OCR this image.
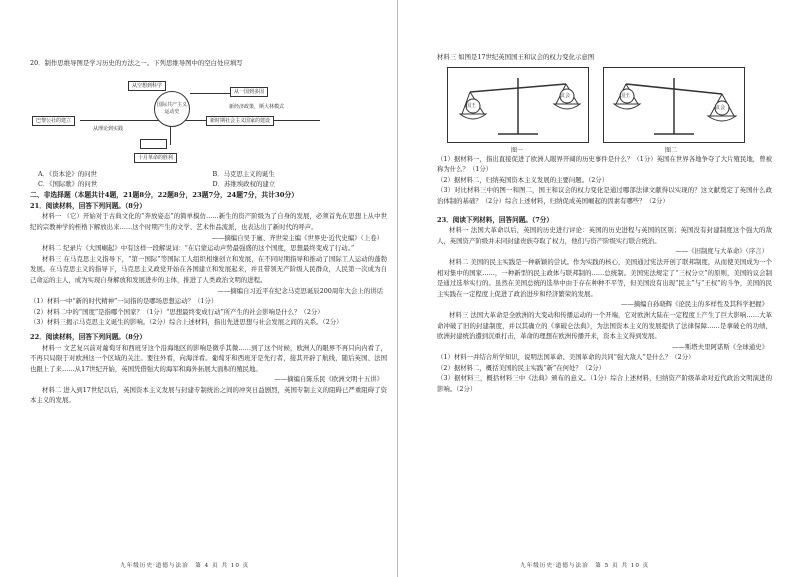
20．制作思维导图是学习历史的方法之一。下列思维导图中的空白处应填写

从空想到科学
国际共产主义运动史
从一国到多国
巴黎公社的建立
从理论到实践
新时期社会主义国家的建设
新经济政策，斯大林模式

十月革命的胜利
A．《资本论》的问世	B．马克思主义的诞生
C．《国际歌》的问世	D．苏维埃政权的建立

二、非选择题（本题共计4题，21题8分，22题8分，23题7分，24题7分，共计30分）

21．阅读材料，回答下列问题。（8分）

材料一 （它）开始对于古典文化的“奔放姿态”的简单模仿……新生的资产阶级为了自身的发展，必须首先在思想上从中世纪的宗教神学的桎梏下解放出来……这个时期产生的文学、艺术作品流派，也表达出了新时代的呼声。

——摘编自吴于廑、齐世荣主编《世界史·近代史编》（上卷）

材料二 纪录片《大国崛起》中有这样一段解说词：“在启蒙运动声势最强盛的这个国度，思想最终变成了行动。”

材料三 在马克思主义指导下，“第一国际”等国际工人组织相继创立和发展，在不同时期指导和推动了国际工人运动的蓬勃发展。在马克思主义的指导下，马克思主义政党开始在各国建立和发展起来，并且带领无产阶级人民群众，人民第一次成为自己命运的主人，成为实现自身解放和发展进步的主体，推进了人类政治文明的进程。

——摘编自习近平在纪念马克思诞辰200周年大会上的讲话

（1）材料一中“新的时代精神”一词指的是哪场思想运动？（1分）

（2）材料二中的“国度”是指哪个国家？（1分）“思想最终变成行动”所产生的社会影响是什么？（2分）

（3）材料三揭示马克思主义诞生的影响。（2分）综合上述材料，指出先进思想与社会发展之间的关系。（2分）

22．阅读材料，回答下列问题。（8分）

材料一 文艺复兴前对葡萄牙和西班牙这个沿海地区的影响是微乎其微……到了这个时候，欧洲人的眼界不再只向内看了，不再只局限于对欧洲这一个区域的关注。要往外看，向海洋看。葡萄牙和西班牙是先行者，接其开辟了航线，随后英国、法国也跟上了来……从17世纪开始，英国凭借强大的海军和海外拓展大面积的殖民地。

——摘编自陈乐民《欧洲文明十五讲》

材料二 进入到17世纪以后，英国资本主义发展与封建专制统治之间的冲突日益剧烈，英国专制主义的阻碍已严重阻碍了资本主义的发展。

材料三 如图是17世纪英国国王和议会的权力变化示意图

国王
议会	国王
议会
图一	图二

（1）据材料一，指出直接促进了欧洲人眼界开阔的历史事件是什么？（1分）英国在世界各地争夺了大片殖民地，曾被称为什么？（1分）

（2）据材料二，归纳英国资本主义发展的主要问题。（2分）

（3）对比材料三中的图一和图二，国王和议会的权力变化是通过哪部法律文献得以实现的？这文献奠定了英国什么政治体制的基础？（2分）综合上述材料，归纳促成英国崛起的因素有哪些？（2分）

23．阅读下列材料，回答问题。（7分）

材料一 法国大革命以后，英国的历史进行评论：英国的历史进程与英国的区别；英国没有封建制度这个强大的敌人，英国资产阶级并未同封建贵族夺取了权力，他们与资产阶级实行联合统治。

——《旧制度与大革命》（序言）

材料二 美国的民主实践是一种新颖的尝试。作为实践的核心，美国通过宪法开创了联邦制度，从而使美国成为一个相对集中的国家……，一种新型的民主政体与联邦制的……总统制。美国宪法规定了“三权分立”的原则，美国的议会制是通过选举实行的。虽然在美国总统的选举中由于存在种种不平等，但美国没有出现“民主”与“王权”的斗争，美国的民主实践在一定程度上促进了政治进步和经济繁荣的发展。

——摘编自孙晓辉《论民主的多样性及其科学把握》

材料三 法国大革命是全欧洲的大变动和传播运动的一个开端，它对欧洲大陆在一定程度上产生了巨大影响……大革命冲破了旧的封建制度，并以其确立的《拿破仑法典》，为法国资本主义的发展提供了法律保障……是拿破仑的功绩，欧洲封建统治遭到沉重打击，革命的理想在欧洲传播开来，资本主义得到发展。

——斯塔夫里阿诺斯《全球通史》

（1）材料一并结合所学知识，说明法国革命、美国革命的共同“强大敌人”是什么？（2分）

（2）据材料二，概括美国的民主实践“新”在何处？（2分）

（3）据材料三，概括材料三中《法典》颁布的意义。（1分）综合上述材料，归纳资产阶级革命对近代政治文明演进的影响。（2分）

九年级历史·道德与法治　第 4 页 共 10 页	九年级历史·道德与法治　第 5 页 共 10 页
